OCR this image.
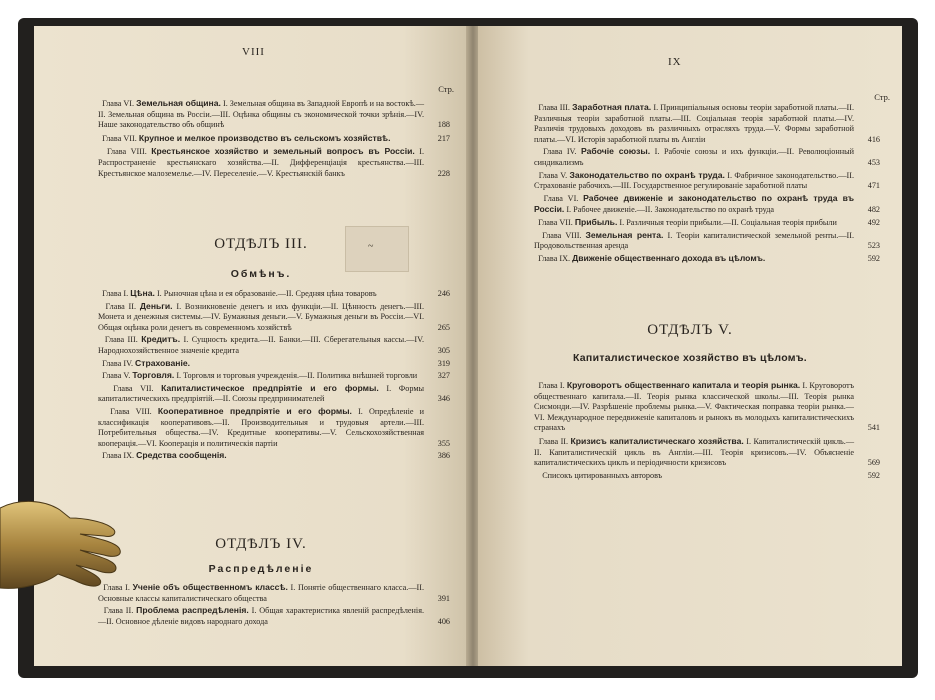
VIII
Стр.
Глава VI. Земельная община. I. Земельная община въ Западной Европѣ и на востокѣ.—II. Земельная община въ Россіи.—III. Оцѣнка общины съ экономической точки зрѣнія.—IV. Наше законодательство объ общинѣ	188
Глава VII. Крупное и мелкое производство въ сельскомъ хозяйствѣ.	217
Глава VIII. Крестьянское хозяйство и земельный вопросъ въ Россіи. I. Распространеніе крестьянскаго хозяйства.—II. Дифференціація крестьянства.—III. Крестьянское малоземелье.—IV. Переселеніе.—V. Крестьянскій банкъ	228
ОТДѢЛЪ III.
Обмѣнъ.
Глава I. Цѣна. I. Рыночная цѣна и ея образованіе.—II. Средняя цѣна товаровъ	246
Глава II. Деньги. I. Возникновеніе денегъ и ихъ функціи.—II. Цѣнность денегъ.—III. Монета и денежныя системы.—IV. Бумажныя деньги.—V. Бумажныя деньги въ Россіи.—VI. Общая оцѣнка роли денегъ въ современномъ хозяйствѣ	265
Глава III. Кредитъ. I. Сущность кредита.—II. Банки.—III. Сберегательныя кассы.—IV. Народнохозяйственное значеніе кредита	305
Глава IV. Страхованіе.	319
Глава V. Торговля. I. Торговля и торговыя учрежденія.—II. Политика внѣшней торговли	327
Глава VII. Капиталистическое предпріятіе и его формы. I. Формы капиталистическихъ предпріятій.—II. Союзы предпринимателей	346
Глава VIII. Кооперативное предпріятіе и его формы. I. Опредѣленіе и классификація кооперативовъ.—II. Производительныя и трудовыя артели.—III. Потребительныя общества.—IV. Кредитные кооперативы.—V. Сельскохозяйственная кооперація.—VI. Кооперація и политическія партіи	355
Глава IX. Средства сообщенія.	386
ОТДѢЛЪ IV.
Распредѣленіе
Глава I. Ученіе объ общественномъ классѣ. I. Понятіе общественнаго класса.—II. Основные классы капиталистическаго общества	391
Глава II. Проблема распредѣленія. I. Общая характеристика явленій распредѣленія.—II. Основное дѣленіе видовъ народнаго дохода	406
~
IX
Стр.
Глава III. Заработная плата. I. Принципіальныя основы теоріи заработной платы.—II. Различныя теоріи заработной платы.—III. Соціальная теорія заработной платы.—IV. Различія трудовыхъ доходовъ въ различныхъ отрасляхъ труда.—V. Формы заработной платы.—VI. Исторія заработной платы въ Англіи	416
Глава IV. Рабочіе союзы. I. Рабочіе союзы и ихъ функціи.—II. Революціонный синдикализмъ	453
Глава V. Законодательство по охранѣ труда. I. Фабричное законодательство.—II. Страхованіе рабочихъ.—III. Государственное регулированіе заработной платы	471
Глава VI. Рабочее движеніе и законодательство по охранѣ труда въ Россіи. I. Рабочее движеніе.—II. Законодательство по охранѣ труда	482
Глава VII. Прибыль. I. Различныя теоріи прибыли.—II. Соціальная теорія прибыли	492
Глава VIII. Земельная рента. I. Теоріи капиталистической земельной ренты.—II. Продовольственная аренда	523
Глава IX. Движеніе общественнаго дохода въ цѣломъ.	592
ОТДѢЛЪ V.
Капиталистическое хозяйство въ цѣломъ.
Глава I. Круговоротъ общественнаго капитала и теорія рынка. I. Круговоротъ общественнаго капитала.—II. Теорія рынка классической школы.—III. Теорія рынка Сисмонди.—IV. Разрѣшеніе проблемы рынка.—V. Фактическая поправка теоріи рынка.—VI. Международное передвиженіе капиталовъ и рынокъ въ молодыхъ капиталистическихъ странахъ	541
Глава II. Кризисъ капиталистическаго хозяйства. I. Капиталистическій цикль.—II. Капиталистическій цикль въ Англіи.—III. Теорія кризисовъ.—IV. Объясненіе капиталистическихъ циклъ и періодичности кризисовъ	569
Списокъ цитированныхъ авторовъ	592
